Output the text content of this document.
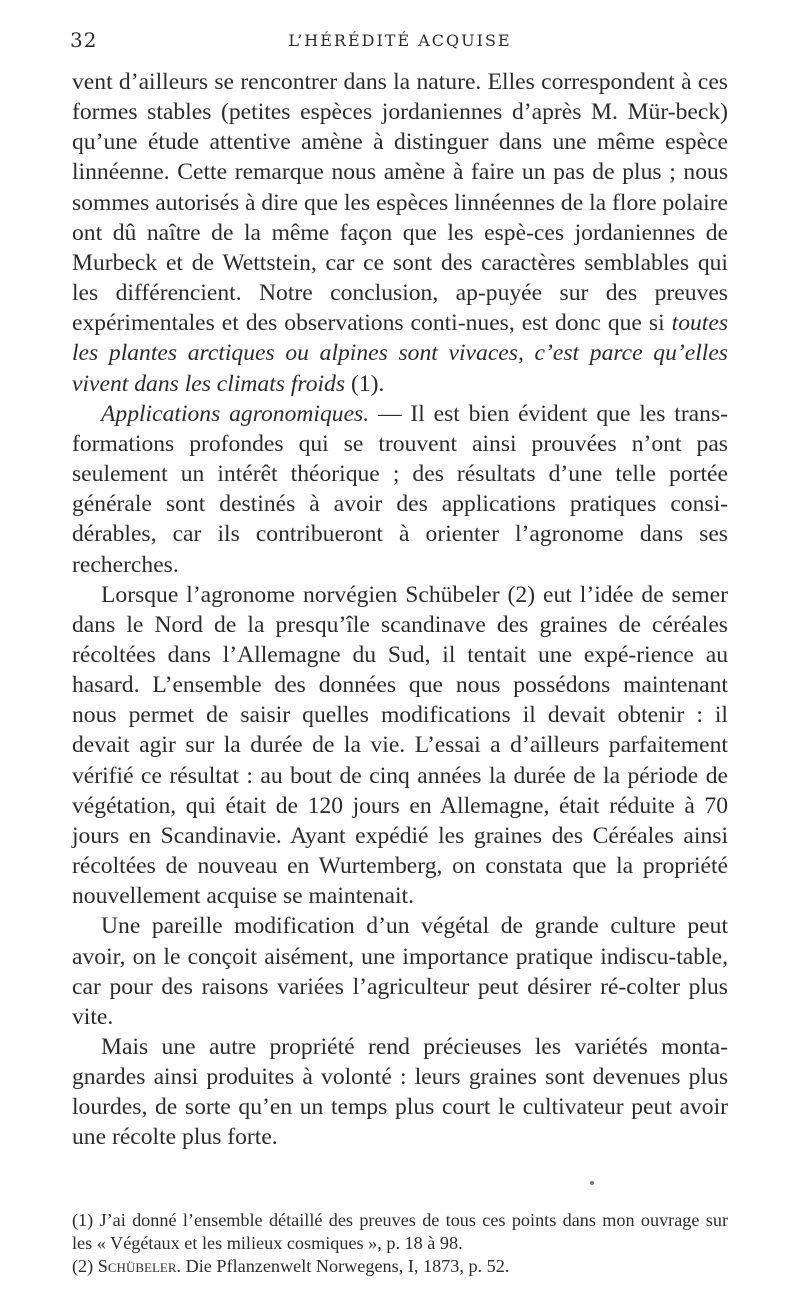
32	L’HÉRÉDITÉ ACQUISE

vent d’ailleurs se rencontrer dans la nature. Elles correspondent à ces formes stables (petites espèces jordaniennes d’après M. Mür-beck) qu’une étude attentive amène à distinguer dans une même espèce linnéenne. Cette remarque nous amène à faire un pas de plus ; nous sommes autorisés à dire que les espèces linnéennes de la flore polaire ont dû naître de la même façon que les espè-ces jordaniennes de Murbeck et de Wettstein, car ce sont des caractères semblables qui les différencient. Notre conclusion, ap-puyée sur des preuves expérimentales et des observations conti-nues, est donc que si toutes les plantes arctiques ou alpines sont vivaces, c’est parce qu’elles vivent dans les climats froids (1).

Applications agronomiques. — Il est bien évident que les trans-formations profondes qui se trouvent ainsi prouvées n’ont pas seulement un intérêt théorique ; des résultats d’une telle portée générale sont destinés à avoir des applications pratiques consi-dérables, car ils contribueront à orienter l’agronome dans ses recherches.

Lorsque l’agronome norvégien Schübeler (2) eut l’idée de semer dans le Nord de la presqu’île scandinave des graines de céréales récoltées dans l’Allemagne du Sud, il tentait une expé-rience au hasard. L’ensemble des données que nous possédons maintenant nous permet de saisir quelles modifications il devait obtenir : il devait agir sur la durée de la vie. L’essai a d’ailleurs parfaitement vérifié ce résultat : au bout de cinq années la durée de la période de végétation, qui était de 120 jours en Allemagne, était réduite à 70 jours en Scandinavie. Ayant expédié les graines des Céréales ainsi récoltées de nouveau en Wurtemberg, on constata que la propriété nouvellement acquise se maintenait.

Une pareille modification d’un végétal de grande culture peut avoir, on le conçoit aisément, une importance pratique indiscu-table, car pour des raisons variées l’agriculteur peut désirer ré-colter plus vite.

Mais une autre propriété rend précieuses les variétés monta-gnardes ainsi produites à volonté : leurs graines sont devenues plus lourdes, de sorte qu’en un temps plus court le cultivateur peut avoir une récolte plus forte.

(1) J’ai donné l’ensemble détaillé des preuves de tous ces points dans mon ouvrage sur les « Végétaux et les milieux cosmiques », p. 18 à 98.

(2) Schübeler. Die Pflanzenwelt Norwegens, I, 1873, p. 52.
